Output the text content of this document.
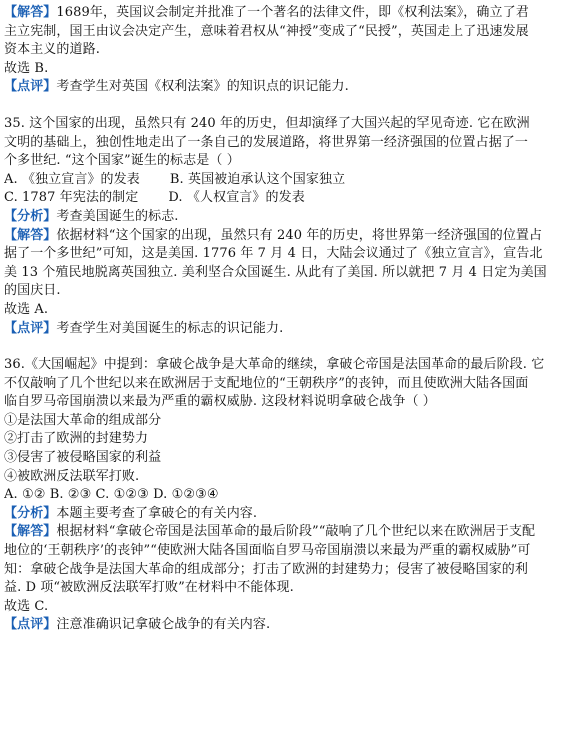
【解答】1689年，英国议会制定并批准了一个著名的法律文件，即《权利法案》，确立了君
主立宪制，国王由议会决定产生，意味着君权从“神授”变成了“民授”，英国走上了迅速发展
资本主义的道路.
故选 B.
【点评】考查学生对英国《权利法案》的知识点的识记能力.
35. 这个国家的出现，虽然只有 240 年的历史，但却演绎了大国兴起的罕见奇迹. 它在欧洲
文明的基础上，独创性地走出了一条自己的发展道路，将世界第一经济强国的位置占据了一
个多世纪. “这个国家”诞生的标志是（ ）
A. 《独立宣言》的发表 B. 英国被迫承认这个国家独立
C. 1787 年宪法的制定 D. 《人权宣言》的发表
【分析】考查美国诞生的标志.
【解答】依据材料“这个国家的出现，虽然只有 240 年的历史，将世界第一经济强国的位置占
据了一个多世纪”可知，这是美国. 1776 年 7 月 4 日，大陆会议通过了《独立宣言》，宣告北
美 13 个殖民地脱离英国独立. 美利坚合众国诞生. 从此有了美国. 所以就把 7 月 4 日定为美国
的国庆日.
故选 A.
【点评】考查学生对美国诞生的标志的识记能力.
36.《大国崛起》中提到：拿破仑战争是大革命的继续，拿破仑帝国是法国革命的最后阶段. 它
不仅敲响了几个世纪以来在欧洲居于支配地位的“王朝秩序”的丧钟，而且使欧洲大陆各国面
临自罗马帝国崩溃以来最为严重的霸权威胁. 这段材料说明拿破仑战争（ ）
①是法国大革命的组成部分
②打击了欧洲的封建势力
③侵害了被侵略国家的利益
④被欧洲反法联军打败.
A. ①② B. ②③ C. ①②③ D. ①②③④
【分析】本题主要考查了拿破仑的有关内容.
【解答】根据材料“拿破仑帝国是法国革命的最后阶段”“敲响了几个世纪以来在欧洲居于支配
地位的‘王朝秩序’的丧钟”“使欧洲大陆各国面临自罗马帝国崩溃以来最为严重的霸权威胁”可
知：拿破仑战争是法国大革命的组成部分；打击了欧洲的封建势力；侵害了被侵略国家的利
益. D 项“被欧洲反法联军打败”在材料中不能体现.
故选 C.
【点评】注意准确识记拿破仑战争的有关内容.
